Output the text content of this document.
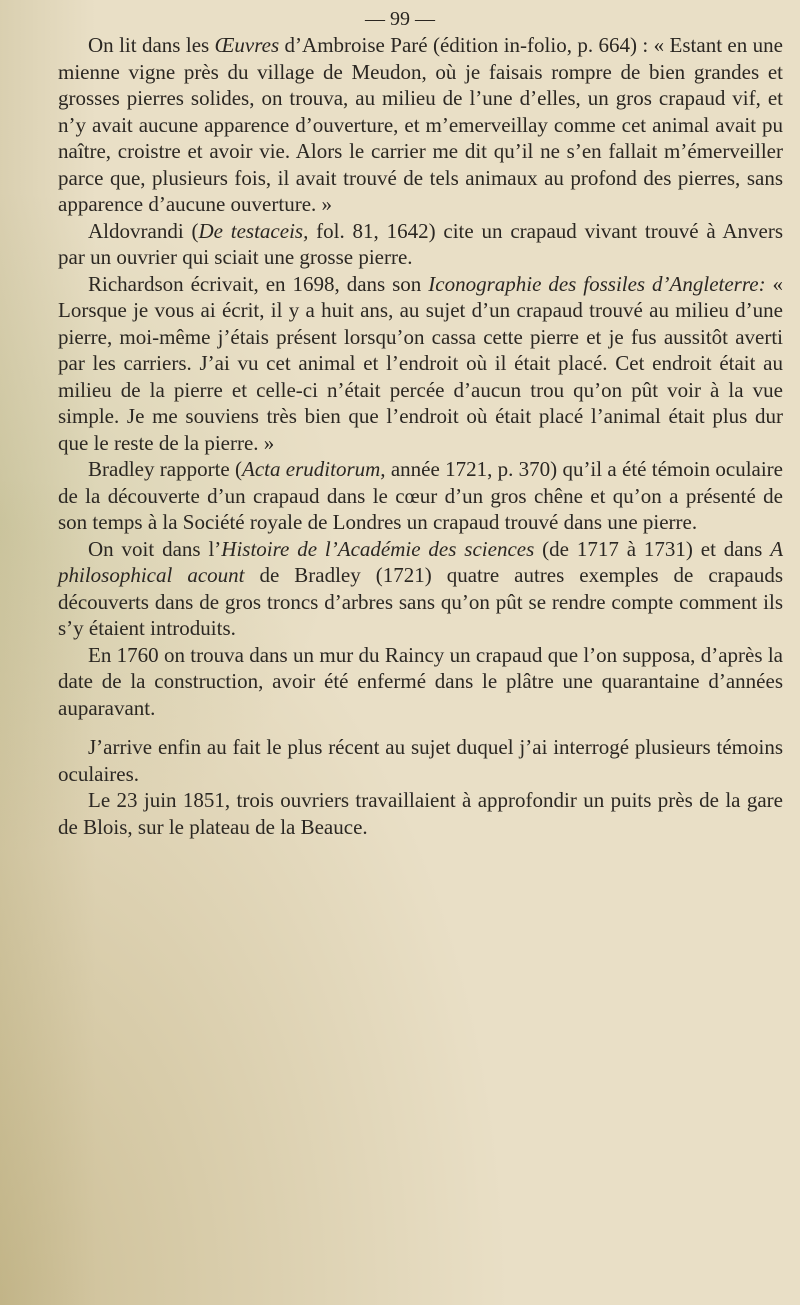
— 99 —

On lit dans les Œuvres d’Ambroise Paré (édition in-folio, p. 664) : « Estant en une mienne vigne près du village de Meudon, où je faisais rompre de bien grandes et grosses pierres solides, on trouva, au milieu de l’une d’elles, un gros crapaud vif, et n’y avait aucune apparence d’ouverture, et m’emerveillay comme cet animal avait pu naître, croistre et avoir vie. Alors le carrier me dit qu’il ne s’en fallait m’émerveiller parce que, plusieurs fois, il avait trouvé de tels animaux au profond des pierres, sans apparence d’aucune ouverture. »

Aldovrandi (De testaceis, fol. 81, 1642) cite un crapaud vivant trouvé à Anvers par un ouvrier qui sciait une grosse pierre.

Richardson écrivait, en 1698, dans son Iconographie des fossiles d’Angleterre: « Lorsque je vous ai écrit, il y a huit ans, au sujet d’un crapaud trouvé au milieu d’une pierre, moi-même j’étais présent lorsqu’on cassa cette pierre et je fus aussitôt averti par les carriers. J’ai vu cet animal et l’endroit où il était placé. Cet endroit était au milieu de la pierre et celle-ci n’était percée d’aucun trou qu’on pût voir à la vue simple. Je me souviens très bien que l’endroit où était placé l’animal était plus dur que le reste de la pierre. »

Bradley rapporte (Acta eruditorum, année 1721, p. 370) qu’il a été témoin oculaire de la découverte d’un crapaud dans le cœur d’un gros chêne et qu’on a présenté de son temps à la Société royale de Londres un crapaud trouvé dans une pierre.

On voit dans l’Histoire de l’Académie des sciences (de 1717 à 1731) et dans A philosophical acount de Bradley (1721) quatre autres exemples de crapauds découverts dans de gros troncs d’arbres sans qu’on pût se rendre compte comment ils s’y étaient introduits.

En 1760 on trouva dans un mur du Raincy un crapaud que l’on supposa, d’après la date de la construction, avoir été enfermé dans le plâtre une quarantaine d’années auparavant.

J’arrive enfin au fait le plus récent au sujet duquel j’ai interrogé plusieurs témoins oculaires.

Le 23 juin 1851, trois ouvriers travaillaient à approfondir un puits près de la gare de Blois, sur le plateau de la Beauce.
